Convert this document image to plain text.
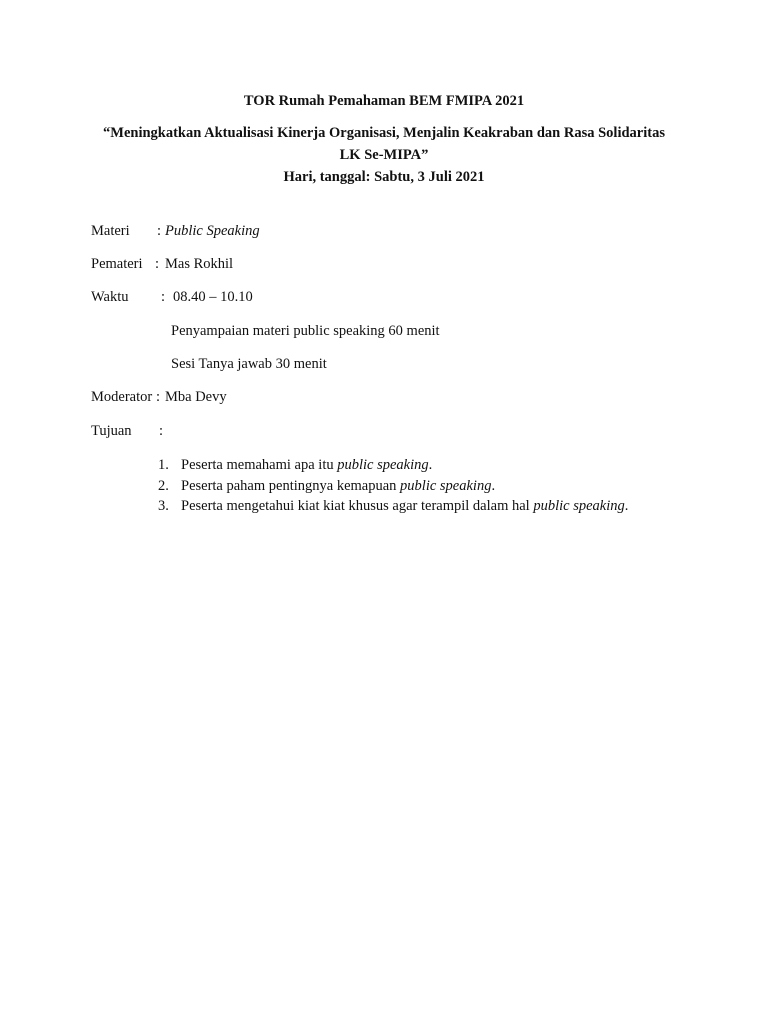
TOR Rumah Pemahaman BEM FMIPA 2021
“Meningkatkan Aktualisasi Kinerja Organisasi, Menjalin Keakraban dan Rasa Solidaritas
LK Se-MIPA”
Hari, tanggal: Sabtu, 3 Juli 2021
Materi : Public Speaking
Pemateri : Mas Rokhil
Waktu : 08.40 – 10.10
Penyampaian materi public speaking 60 menit
Sesi Tanya jawab 30 menit
Moderator : Mba Devy
Tujuan :
1. Peserta memahami apa itu public speaking.
2. Peserta paham pentingnya kemapuan public speaking.
3. Peserta mengetahui kiat kiat khusus agar terampil dalam hal public speaking.
